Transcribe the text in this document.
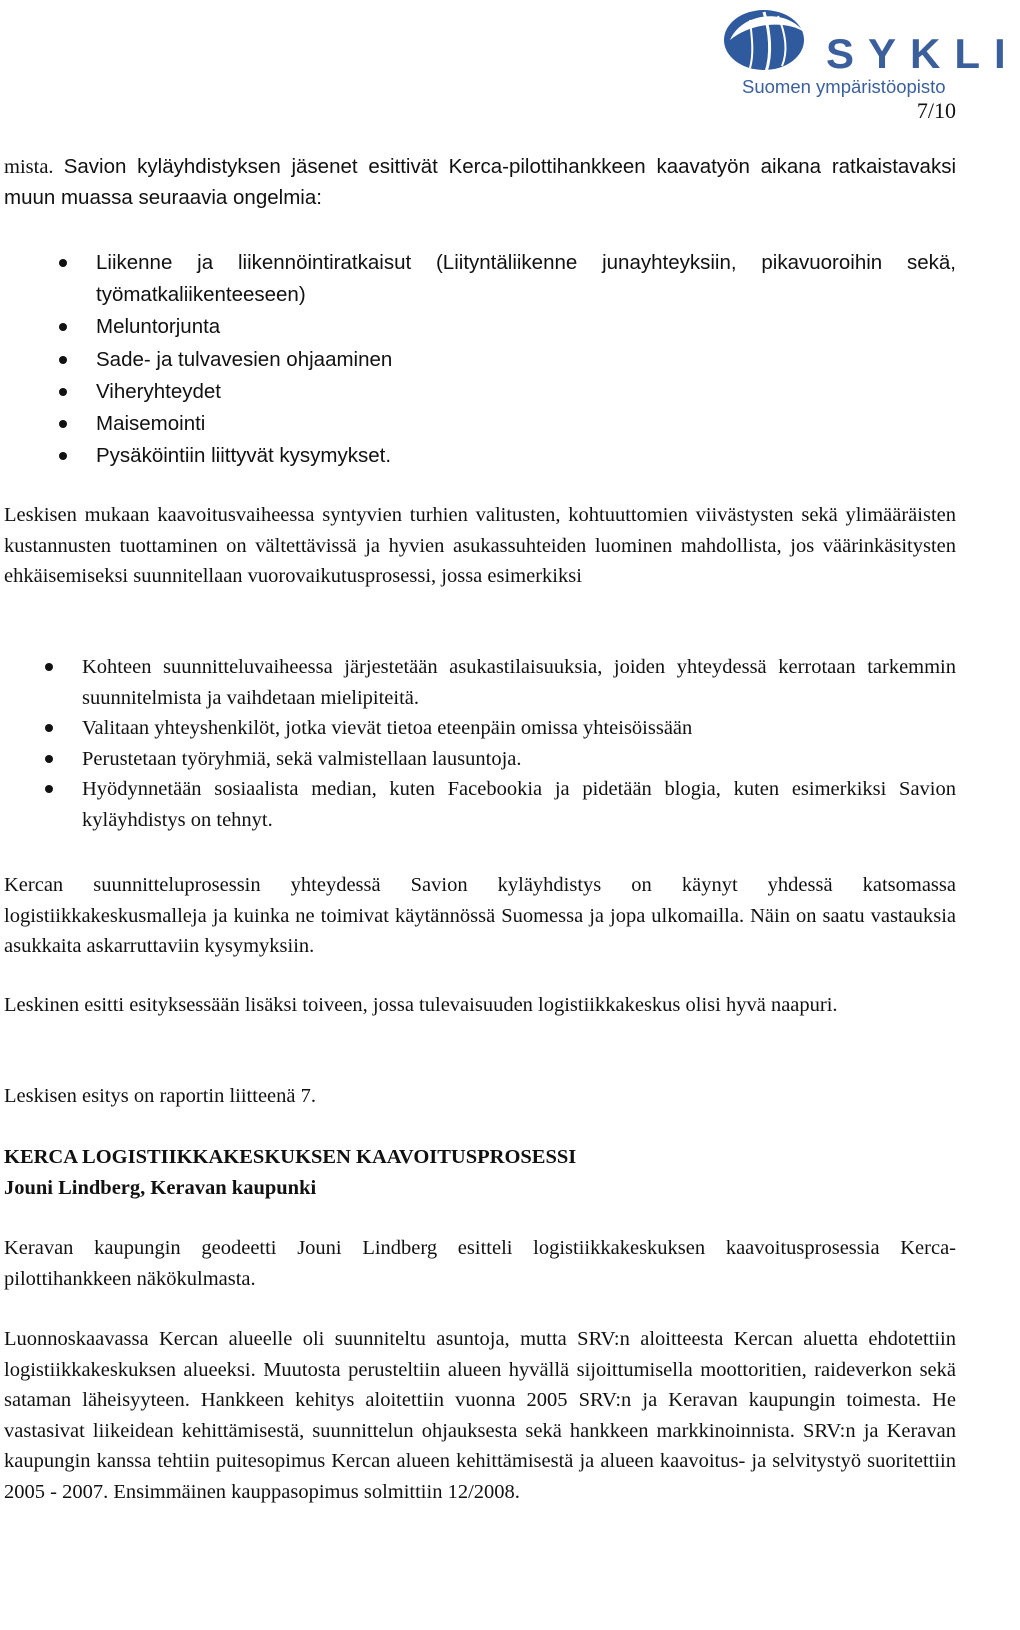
SYKLI
Suomen ympäristöopisto
7/10
mista. Savion kyläyhdistyksen jäsenet esittivät Kerca-pilottihankkeen kaavatyön aikana ratkaistavaksi muun muassa seuraavia ongelmia:
Liikenne ja liikennöintiratkaisut (Liityntäliikenne junayhteyksiin, pikavuoroihin sekä, työmatkaliikenteeseen)
Meluntorjunta
Sade- ja tulvavesien ohjaaminen
Viheryhteydet
Maisemointi
Pysäköintiin liittyvät kysymykset.
Leskisen mukaan kaavoitusvaiheessa syntyvien turhien valitusten, kohtuuttomien viivästysten sekä ylimääräisten kustannusten tuottaminen on vältettävissä ja hyvien asukassuhteiden luominen mahdollista, jos väärinkäsitysten ehkäisemiseksi suunnitellaan vuorovaikutusprosessi, jossa esimerkiksi
Kohteen suunnitteluvaiheessa järjestetään asukastilaisuuksia, joiden yhteydessä kerrotaan tarkemmin suunnitelmista ja vaihdetaan mielipiteitä.
Valitaan yhteyshenkilöt, jotka vievät tietoa eteenpäin omissa yhteisöissään
Perustetaan työryhmiä, sekä valmistellaan lausuntoja.
Hyödynnetään sosiaalista median, kuten Facebookia ja pidetään blogia, kuten esimerkiksi Savion kyläyhdistys on tehnyt.
Kercan suunnitteluprosessin yhteydessä Savion kyläyhdistys on käynyt yhdessä katsomassa logistiikkakeskusmalleja ja kuinka ne toimivat käytännössä Suomessa ja jopa ulkomailla. Näin on saatu vastauksia asukkaita askarruttaviin kysymyksiin.
Leskinen esitti esityksessään lisäksi toiveen, jossa tulevaisuuden logistiikkakeskus olisi hyvä naapuri.
Leskisen esitys on raportin liitteenä 7.
KERCA LOGISTIIKKAKESKUKSEN KAAVOITUSPROSESSI
Jouni Lindberg, Keravan kaupunki
Keravan kaupungin geodeetti Jouni Lindberg esitteli logistiikkakeskuksen kaavoitusprosessia Kerca-pilottihankkeen näkökulmasta.
Luonnoskaavassa Kercan alueelle oli suunniteltu asuntoja, mutta SRV:n aloitteesta Kercan aluetta ehdotettiin logistiikkakeskuksen alueeksi. Muutosta perusteltiin alueen hyvällä sijoittumisella moottoritien, raideverkon sekä sataman läheisyyteen. Hankkeen kehitys aloitettiin vuonna 2005 SRV:n ja Keravan kaupungin toimesta. He vastasivat liikeidean kehittämisestä, suunnittelun ohjauksesta sekä hankkeen markkinoinnista. SRV:n ja Keravan kaupungin kanssa tehtiin puitesopimus Kercan alueen kehittämisestä ja alueen kaavoitus- ja selvitystyö suoritettiin 2005 - 2007. Ensimmäinen kauppasopimus solmittiin 12/2008.
